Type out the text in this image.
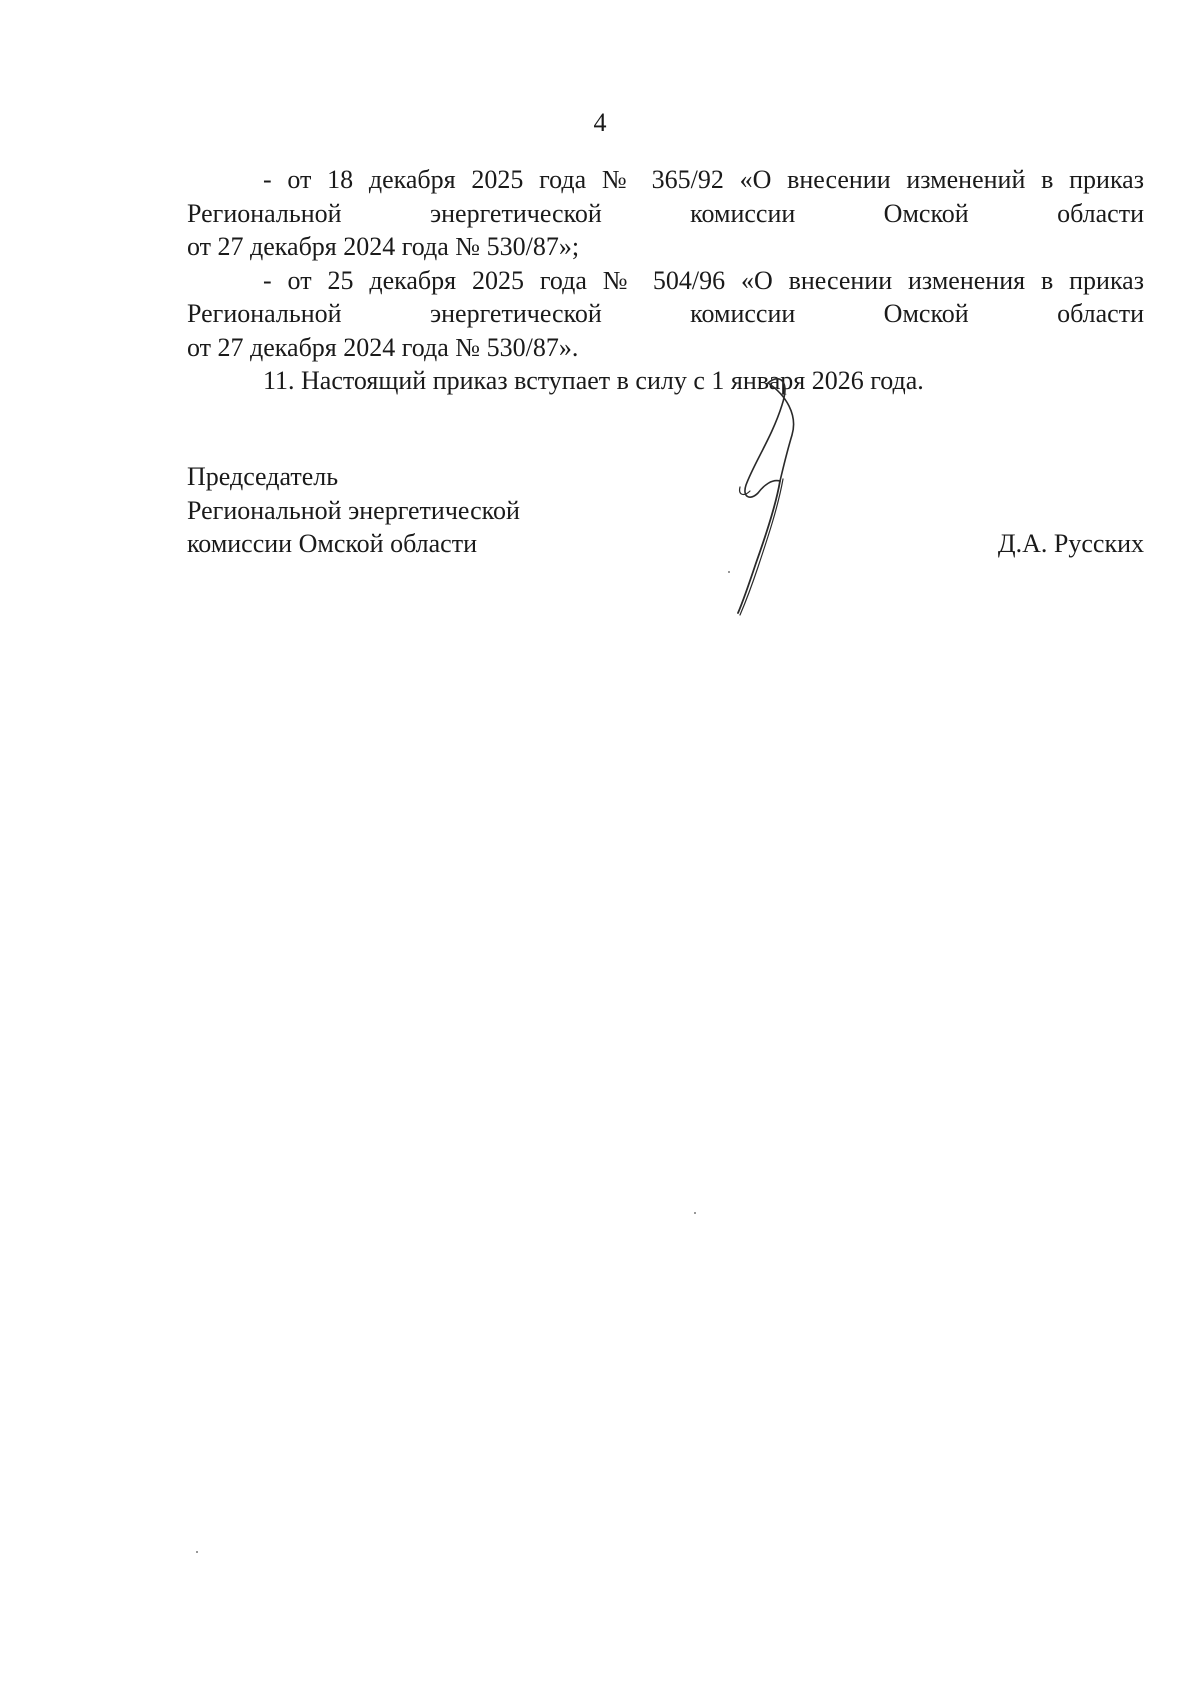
4

- от 18 декабря 2025 года № 365/92 «О внесении изменений в приказ
Региональной энергетической комиссии Омской области
от 27 декабря 2024 года № 530/87»;

- от 25 декабря 2025 года № 504/96 «О внесении изменения в приказ
Региональной энергетической комиссии Омской области
от 27 декабря 2024 года № 530/87».

11. Настоящий приказ вступает в силу с 1 января 2026 года.

Председатель
Региональной энергетической
комиссии Омской области	Д.А. Русских
